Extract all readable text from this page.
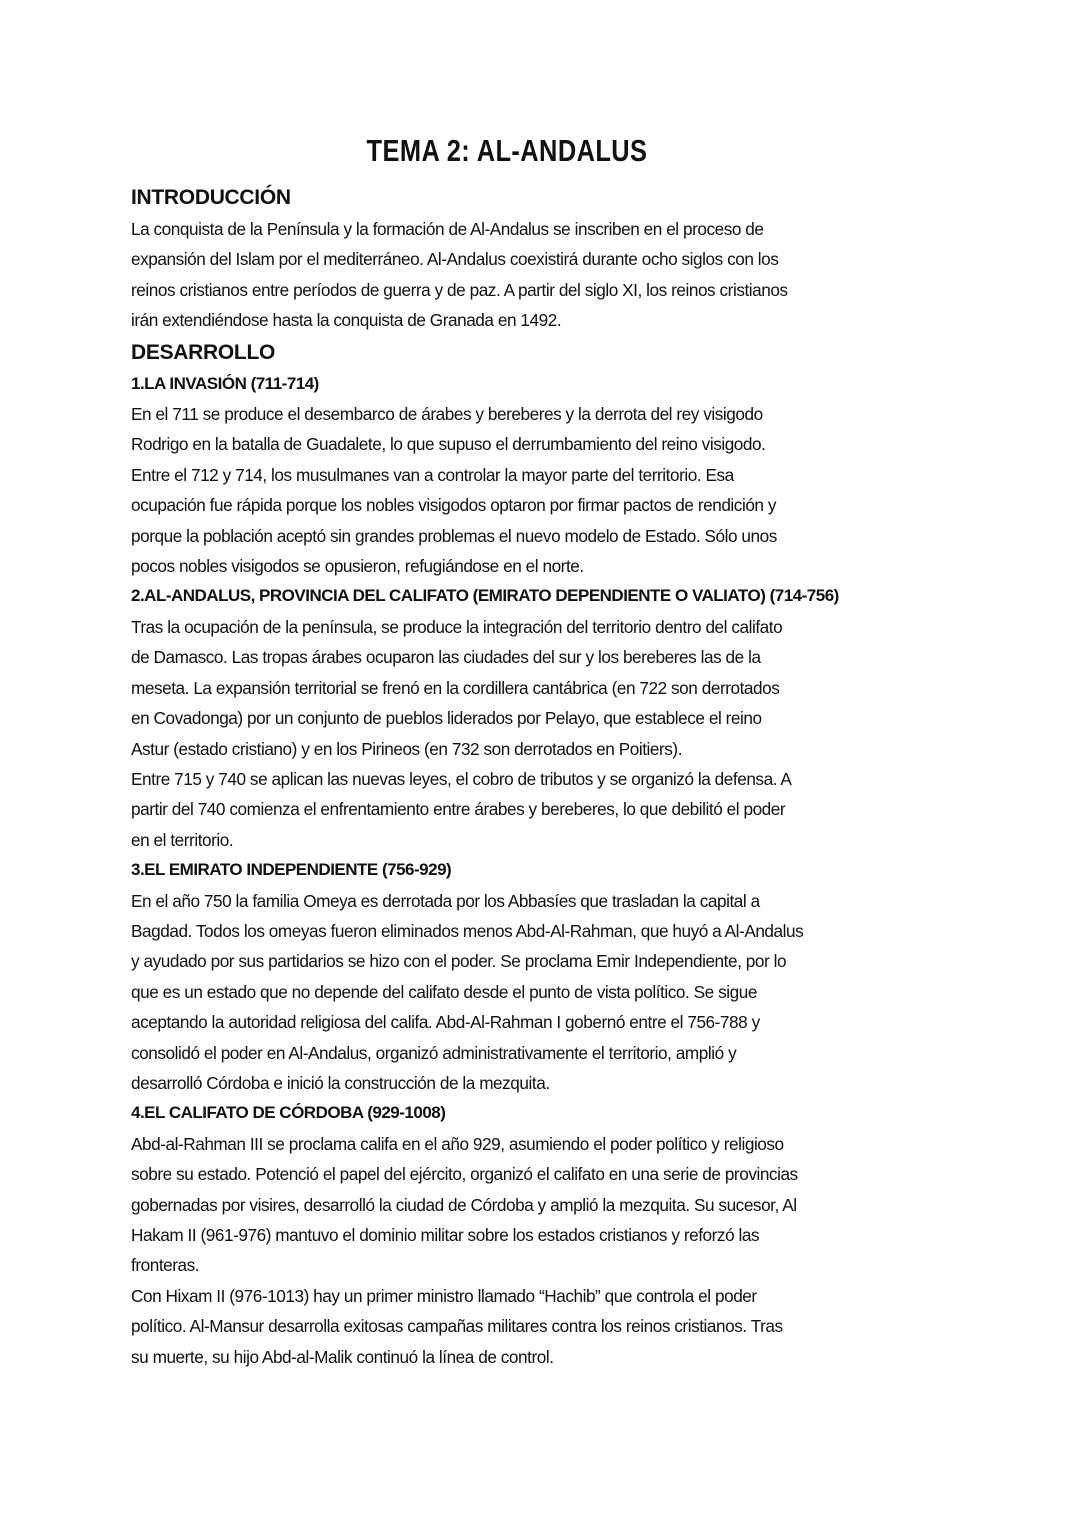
TEMA 2: AL-ANDALUS
INTRODUCCIÓN
La conquista de la Península y la formación de Al-Andalus se inscriben en el proceso de
expansión del Islam por el mediterráneo. Al-Andalus coexistirá durante ocho siglos con los
reinos cristianos entre períodos de guerra y de paz. A partir del siglo XI, los reinos cristianos
irán extendiéndose hasta la conquista de Granada en 1492.
DESARROLLO
1.LA INVASIÓN (711-714)
En el 711 se produce el desembarco de árabes y bereberes y la derrota del rey visigodo
Rodrigo en la batalla de Guadalete, lo que supuso el derrumbamiento del reino visigodo.
Entre el 712 y 714, los musulmanes van a controlar la mayor parte del territorio. Esa
ocupación fue rápida porque los nobles visigodos optaron por firmar pactos de rendición y
porque la población aceptó sin grandes problemas el nuevo modelo de Estado. Sólo unos
pocos nobles visigodos se opusieron, refugiándose en el norte.
2.AL-ANDALUS, PROVINCIA DEL CALIFATO (EMIRATO DEPENDIENTE O VALIATO) (714-756)
Tras la ocupación de la península, se produce la integración del territorio dentro del califato
de Damasco. Las tropas árabes ocuparon las ciudades del sur y los bereberes las de la
meseta. La expansión territorial se frenó en la cordillera cantábrica (en 722 son derrotados
en Covadonga) por un conjunto de pueblos liderados por Pelayo, que establece el reino
Astur (estado cristiano) y en los Pirineos (en 732 son derrotados en Poitiers).
Entre 715 y 740 se aplican las nuevas leyes, el cobro de tributos y se organizó la defensa. A
partir del 740 comienza el enfrentamiento entre árabes y bereberes, lo que debilitó el poder
en el territorio.
3.EL EMIRATO INDEPENDIENTE (756-929)
En el año 750 la familia Omeya es derrotada por los Abbasíes que trasladan la capital a
Bagdad. Todos los omeyas fueron eliminados menos Abd-Al-Rahman, que huyó a Al-Andalus
y ayudado por sus partidarios se hizo con el poder. Se proclama Emir Independiente, por lo
que es un estado que no depende del califato desde el punto de vista político. Se sigue
aceptando la autoridad religiosa del califa. Abd-Al-Rahman I gobernó entre el 756-788 y
consolidó el poder en Al-Andalus, organizó administrativamente el territorio, amplió y
desarrolló Córdoba e inició la construcción de la mezquita.
4.EL CALIFATO DE CÓRDOBA (929-1008)
Abd-al-Rahman III se proclama califa en el año 929, asumiendo el poder político y religioso
sobre su estado. Potenció el papel del ejército, organizó el califato en una serie de provincias
gobernadas por visires, desarrolló la ciudad de Córdoba y amplió la mezquita. Su sucesor, Al
Hakam II (961-976) mantuvo el dominio militar sobre los estados cristianos y reforzó las
fronteras.
Con Hixam II (976-1013) hay un primer ministro llamado “Hachib” que controla el poder
político. Al-Mansur desarrolla exitosas campañas militares contra los reinos cristianos. Tras
su muerte, su hijo Abd-al-Malik continuó la línea de control.
